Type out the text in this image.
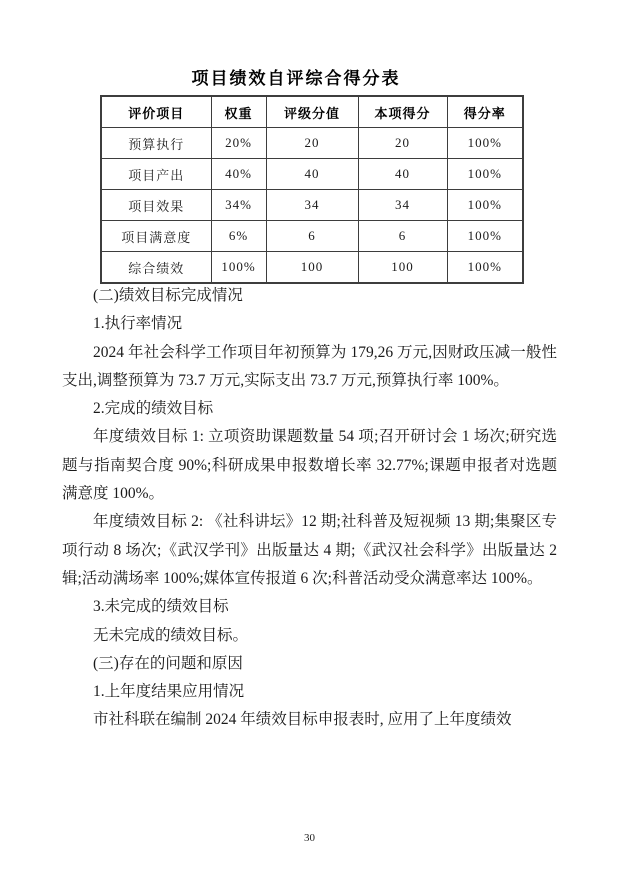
项目绩效自评综合得分表
评价项目	权重	评级分值	本项得分	得分率
预算执行	20%	20	20	100%
项目产出	40%	40	40	100%
项目效果	34%	34	34	100%
项目满意度	6%	6	6	100%
综合绩效	100%	100	100	100%

(二)绩效目标完成情况

1.执行率情况

2024 年社会科学工作项目年初预算为 179,26 万元,因财政压减一般性支出,调整预算为 73.7 万元,实际支出 73.7 万元,预算执行率 100%。

2.完成的绩效目标

年度绩效目标 1: 立项资助课题数量 54 项;召开研讨会 1 场次;研究选题与指南契合度 90%;科研成果申报数增长率 32.77%;课题申报者对选题满意度 100%。

年度绩效目标 2: 《社科讲坛》12 期;社科普及短视频 13 期;集聚区专项行动 8 场次;《武汉学刊》出版量达 4 期;《武汉社会科学》出版量达 2 辑;活动满场率 100%;媒体宣传报道 6 次;科普活动受众满意率达 100%。

3.未完成的绩效目标

无未完成的绩效目标。

(三)存在的问题和原因

1.上年度结果应用情况

市社科联在编制 2024 年绩效目标申报表时, 应用了上年度绩效

30
